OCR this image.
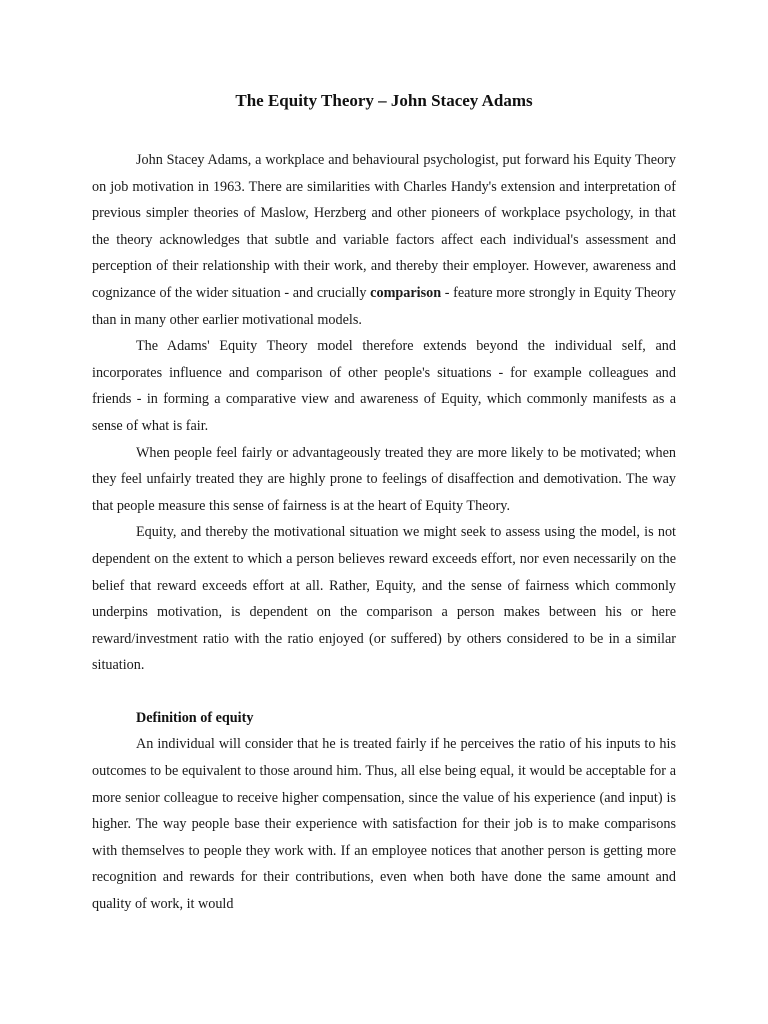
The Equity Theory – John Stacey Adams

John Stacey Adams, a workplace and behavioural psychologist, put forward his Equity Theory on job motivation in 1963. There are similarities with Charles Handy's extension and interpretation of previous simpler theories of Maslow, Herzberg and other pioneers of workplace psychology, in that the theory acknowledges that subtle and variable factors affect each individual's assessment and perception of their relationship with their work, and thereby their employer. However, awareness and cognizance of the wider situation - and crucially comparison - feature more strongly in Equity Theory than in many other earlier motivational models.

The Adams' Equity Theory model therefore extends beyond the individual self, and incorporates influence and comparison of other people's situations - for example colleagues and friends - in forming a comparative view and awareness of Equity, which commonly manifests as a sense of what is fair.

When people feel fairly or advantageously treated they are more likely to be motivated; when they feel unfairly treated they are highly prone to feelings of disaffection and demotivation. The way that people measure this sense of fairness is at the heart of Equity Theory.

Equity, and thereby the motivational situation we might seek to assess using the model, is not dependent on the extent to which a person believes reward exceeds effort, nor even necessarily on the belief that reward exceeds effort at all. Rather, Equity, and the sense of fairness which commonly underpins motivation, is dependent on the comparison a person makes between his or here reward/investment ratio with the ratio enjoyed (or suffered) by others considered to be in a similar situation.

Definition of equity

An individual will consider that he is treated fairly if he perceives the ratio of his inputs to his outcomes to be equivalent to those around him. Thus, all else being equal, it would be acceptable for a more senior colleague to receive higher compensation, since the value of his experience (and input) is higher. The way people base their experience with satisfaction for their job is to make comparisons with themselves to people they work with. If an employee notices that another person is getting more recognition and rewards for their contributions, even when both have done the same amount and quality of work, it would
